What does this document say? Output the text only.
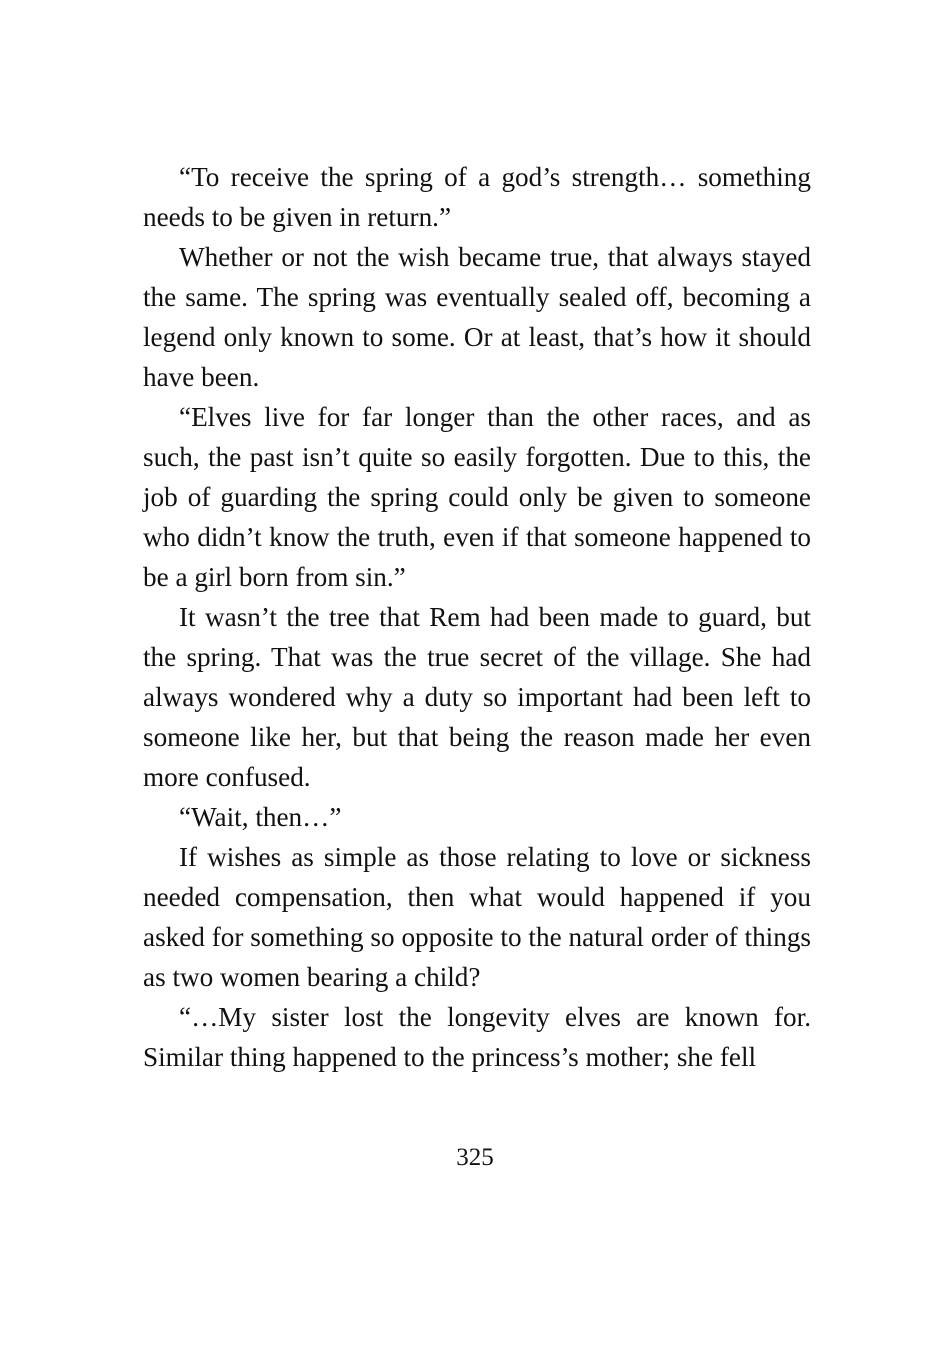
“To receive the spring of a god’s strength… something needs to be given in return.”

Whether or not the wish became true, that always stayed the same. The spring was eventually sealed off, becoming a legend only known to some. Or at least, that’s how it should have been.

“Elves live for far longer than the other races, and as such, the past isn’t quite so easily forgotten. Due to this, the job of guarding the spring could only be given to someone who didn’t know the truth, even if that someone happened to be a girl born from sin.”

It wasn’t the tree that Rem had been made to guard, but the spring. That was the true secret of the village. She had always wondered why a duty so important had been left to someone like her, but that being the reason made her even more confused.

“Wait, then…”

If wishes as simple as those relating to love or sickness needed compensation, then what would happened if you asked for something so opposite to the natural order of things as two women bearing a child?

“…My sister lost the longevity elves are known for. Similar thing happened to the princess’s mother; she fell

325
